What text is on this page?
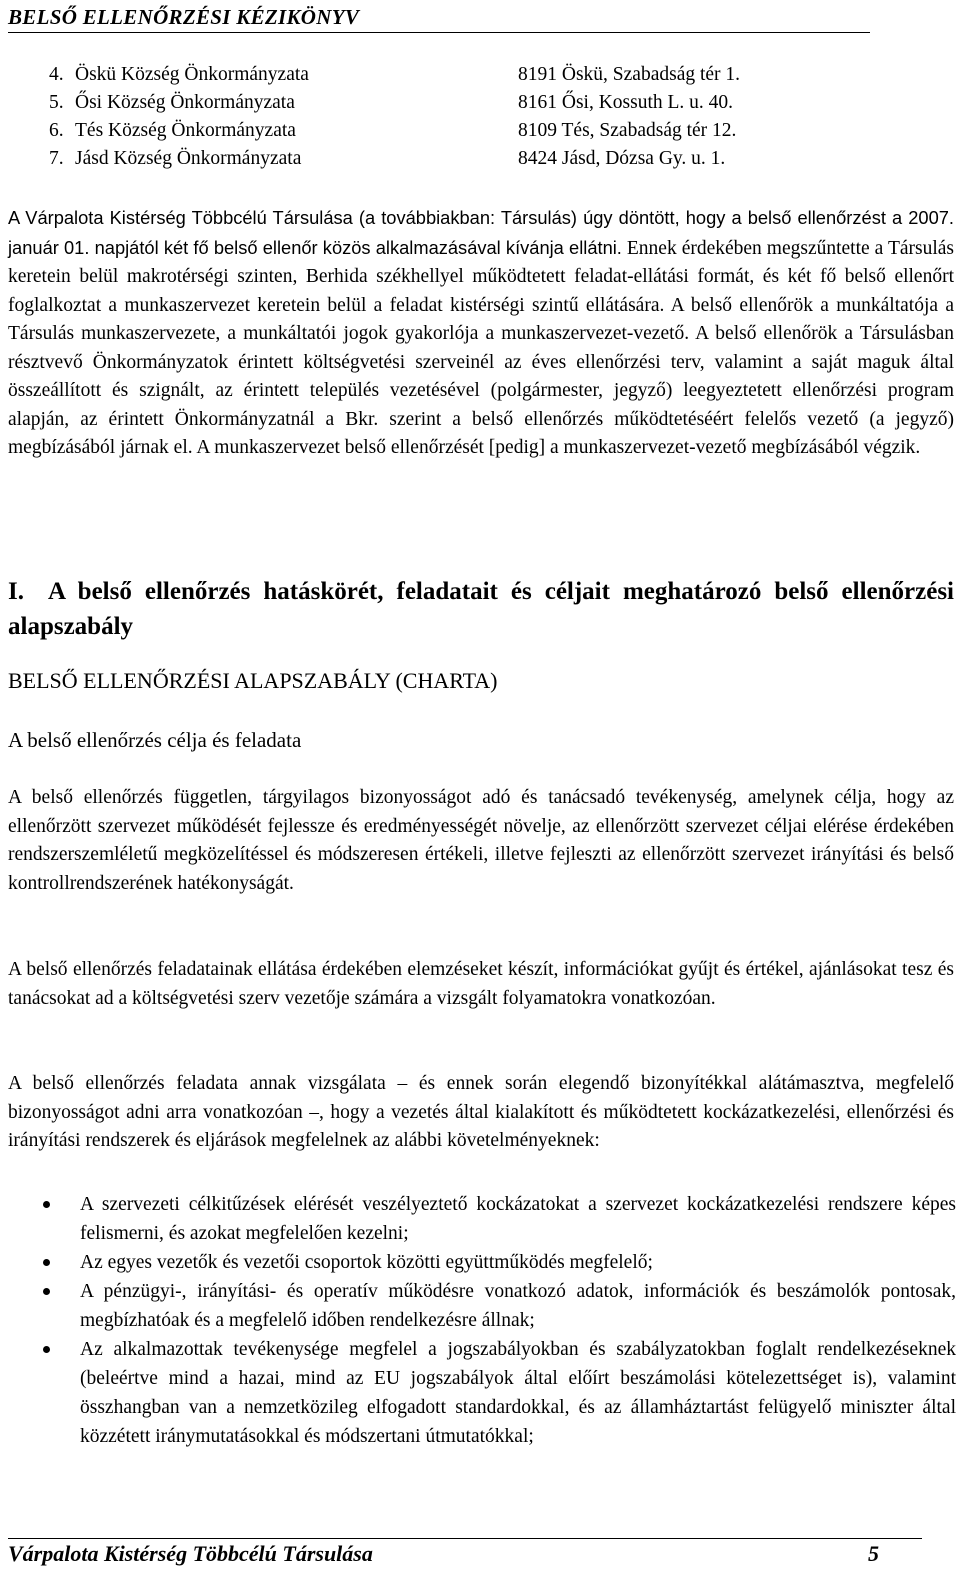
BELSŐ ELLENŐRZÉSI KÉZIKÖNYV
4. Öskü Község Önkormányzata	8191 Öskü, Szabadság tér 1.
5. Ősi Község Önkormányzata	8161 Ősi, Kossuth L. u. 40.
6. Tés Község Önkormányzata	8109 Tés, Szabadság tér 12.
7. Jásd Község Önkormányzata	8424 Jásd, Dózsa Gy. u. 1.
A Várpalota Kistérség Többcélú Társulása (a továbbiakban: Társulás) úgy döntött, hogy a belső ellenőrzést a 2007. január 01. napjától két fő belső ellenőr közös alkalmazásával kívánja ellátni. Ennek érdekében megszűntette a Társulás keretein belül makrotérségi szinten, Berhida székhellyel működtetett feladat-ellátási formát, és két fő belső ellenőrt foglalkoztat a munkaszervezet keretein belül a feladat kistérségi szintű ellátására. A belső ellenőrök a munkáltatója a Társulás munkaszervezete, a munkáltatói jogok gyakorlója a munkaszervezet-vezető. A belső ellenőrök a Társulásban résztvevő Önkormányzatok érintett költségvetési szerveinél az éves ellenőrzési terv, valamint a saját maguk által összeállított és szignált, az érintett település vezetésével (polgármester, jegyző) leegyeztetett ellenőrzési program alapján, az érintett Önkormányzatnál a Bkr. szerint a belső ellenőrzés működtetéséért felelős vezető (a jegyző) megbízásából járnak el. A munkaszervezet belső ellenőrzését [pedig] a munkaszervezet-vezető megbízásából végzik.
I. A belső ellenőrzés hatáskörét, feladatait és céljait meghatározó belső ellenőrzési alapszabály
BELSŐ ELLENŐRZÉSI ALAPSZABÁLY (CHARTA)
A belső ellenőrzés célja és feladata
A belső ellenőrzés független, tárgyilagos bizonyosságot adó és tanácsadó tevékenység, amelynek célja, hogy az ellenőrzött szervezet működését fejlessze és eredményességét növelje, az ellenőrzött szervezet céljai elérése érdekében rendszerszemléletű megközelítéssel és módszeresen értékeli, illetve fejleszti az ellenőrzött szervezet irányítási és belső kontrollrendszerének hatékonyságát.
A belső ellenőrzés feladatainak ellátása érdekében elemzéseket készít, információkat gyűjt és értékel, ajánlásokat tesz és tanácsokat ad a költségvetési szerv vezetője számára a vizsgált folyamatokra vonatkozóan.
A belső ellenőrzés feladata annak vizsgálata – és ennek során elegendő bizonyítékkal alátámasztva, megfelelő bizonyosságot adni arra vonatkozóan –, hogy a vezetés által kialakított és működtetett kockázatkezelési, ellenőrzési és irányítási rendszerek és eljárások megfelelnek az alábbi követelményeknek:
A szervezeti célkitűzések elérését veszélyeztető kockázatokat a szervezet kockázatkezelési rendszere képes felismerni, és azokat megfelelően kezelni;
Az egyes vezetők és vezetői csoportok közötti együttműködés megfelelő;
A pénzügyi-, irányítási- és operatív működésre vonatkozó adatok, információk és beszámolók pontosak, megbízhatóak és a megfelelő időben rendelkezésre állnak;
Az alkalmazottak tevékenysége megfelel a jogszabályokban és szabályzatokban foglalt rendelkezéseknek (beleértve mind a hazai, mind az EU jogszabályok által előírt beszámolási kötelezettséget is), valamint összhangban van a nemzetközileg elfogadott standardokkal, és az államháztartást felügyelő miniszter által közzétett iránymutatásokkal és módszertani útmutatókkal;
Várpalota Kistérség Többcélú Társulása	5
